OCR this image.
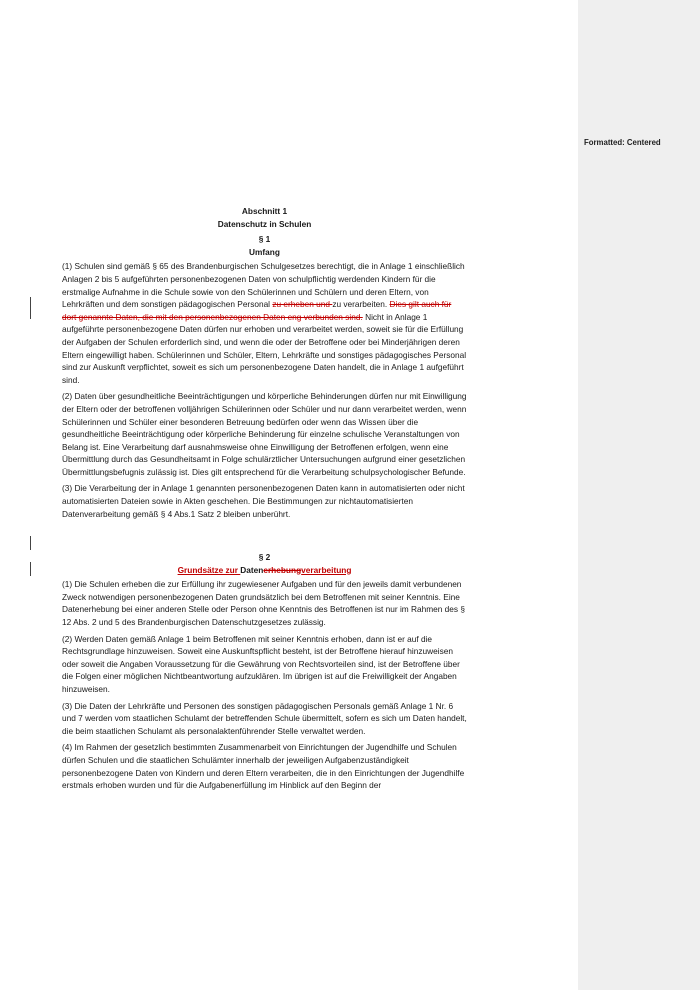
Formatted: Centered
Abschnitt 1
Datenschutz in Schulen
§ 1
Umfang

(1) Schulen sind gemäß § 65 des Brandenburgischen Schulgesetzes berechtigt, die in Anlage 1 einschließlich Anlagen 2 bis 5 aufgeführten personenbezogenen Daten von schulpflichtig werdenden Kindern für die erstmalige Aufnahme in die Schule sowie von den Schülerinnen und Schülern und deren Eltern, von Lehrkräften und dem sonstigen pädagogischen Personal zu erheben und zu verarbeiten. Dies gilt auch für dort genannte Daten, die mit den personenbezogenen Daten eng verbunden sind. Nicht in Anlage 1 aufgeführte personenbezogene Daten dürfen nur erhoben und verarbeitet werden, soweit sie für die Erfüllung der Aufgaben der Schulen erforderlich sind, und wenn die oder der Betroffene oder bei Minderjährigen deren Eltern eingewilligt haben. Schülerinnen und Schüler, Eltern, Lehrkräfte und sonstiges pädagogisches Personal sind zur Auskunft verpflichtet, soweit es sich um personenbezogene Daten handelt, die in Anlage 1 aufgeführt sind.

(2) Daten über gesundheitliche Beeinträchtigungen und körperliche Behinderungen dürfen nur mit Einwilligung der Eltern oder der betroffenen volljährigen Schülerinnen oder Schüler und nur dann verarbeitet werden, wenn Schülerinnen und Schüler einer besonderen Betreuung bedürfen oder wenn das Wissen über die gesundheitliche Beeinträchtigung oder körperliche Behinderung für einzelne schulische Veranstaltungen von Belang ist. Eine Verarbeitung darf ausnahmsweise ohne Einwilligung der Betroffenen erfolgen, wenn eine Übermittlung durch das Gesundheitsamt in Folge schulärztlicher Untersuchungen aufgrund einer gesetzlichen Übermittlungsbefugnis zulässig ist. Dies gilt entsprechend für die Verarbeitung schulpsychologischer Befunde.

(3) Die Verarbeitung der in Anlage 1 genannten personenbezogenen Daten kann in automatisierten oder nicht automatisierten Dateien sowie in Akten geschehen. Die Bestimmungen zur nichtautomatisierten Datenverarbeitung gemäß § 4 Abs.1 Satz 2 bleiben unberührt.

§ 2
Grundsätze zur Datenerhebungverarbeitung

(1) Die Schulen erheben die zur Erfüllung ihr zugewiesener Aufgaben und für den jeweils damit verbundenen Zweck notwendigen personenbezogenen Daten grundsätzlich bei dem Betroffenen mit seiner Kenntnis. Eine Datenerhebung bei einer anderen Stelle oder Person ohne Kenntnis des Betroffenen ist nur im Rahmen des § 12 Abs. 2 und 5 des Brandenburgischen Datenschutzgesetzes zulässig.

(2) Werden Daten gemäß Anlage 1 beim Betroffenen mit seiner Kenntnis erhoben, dann ist er auf die Rechtsgrundlage hinzuweisen. Soweit eine Auskunftspflicht besteht, ist der Betroffene hierauf hinzuweisen oder soweit die Angaben Voraussetzung für die Gewährung von Rechtsvorteilen sind, ist der Betroffene über die Folgen einer möglichen Nichtbeantwortung aufzuklären. Im übrigen ist auf die Freiwilligkeit der Angaben hinzuweisen.

(3) Die Daten der Lehrkräfte und Personen des sonstigen pädagogischen Personals gemäß Anlage 1 Nr. 6 und 7 werden vom staatlichen Schulamt der betreffenden Schule übermittelt, sofern es sich um Daten handelt, die beim staatlichen Schulamt als personalaktenführender Stelle verwaltet werden.

(4) Im Rahmen der gesetzlich bestimmten Zusammenarbeit von Einrichtungen der Jugendhilfe und Schulen dürfen Schulen und die staatlichen Schulämter innerhalb der jeweiligen Aufgabenzuständigkeit personenbezogene Daten von Kindern und deren Eltern verarbeiten, die in den Einrichtungen der Jugendhilfe erstmals erhoben wurden und für die Aufgabenerfüllung im Hinblick auf den Beginn der
